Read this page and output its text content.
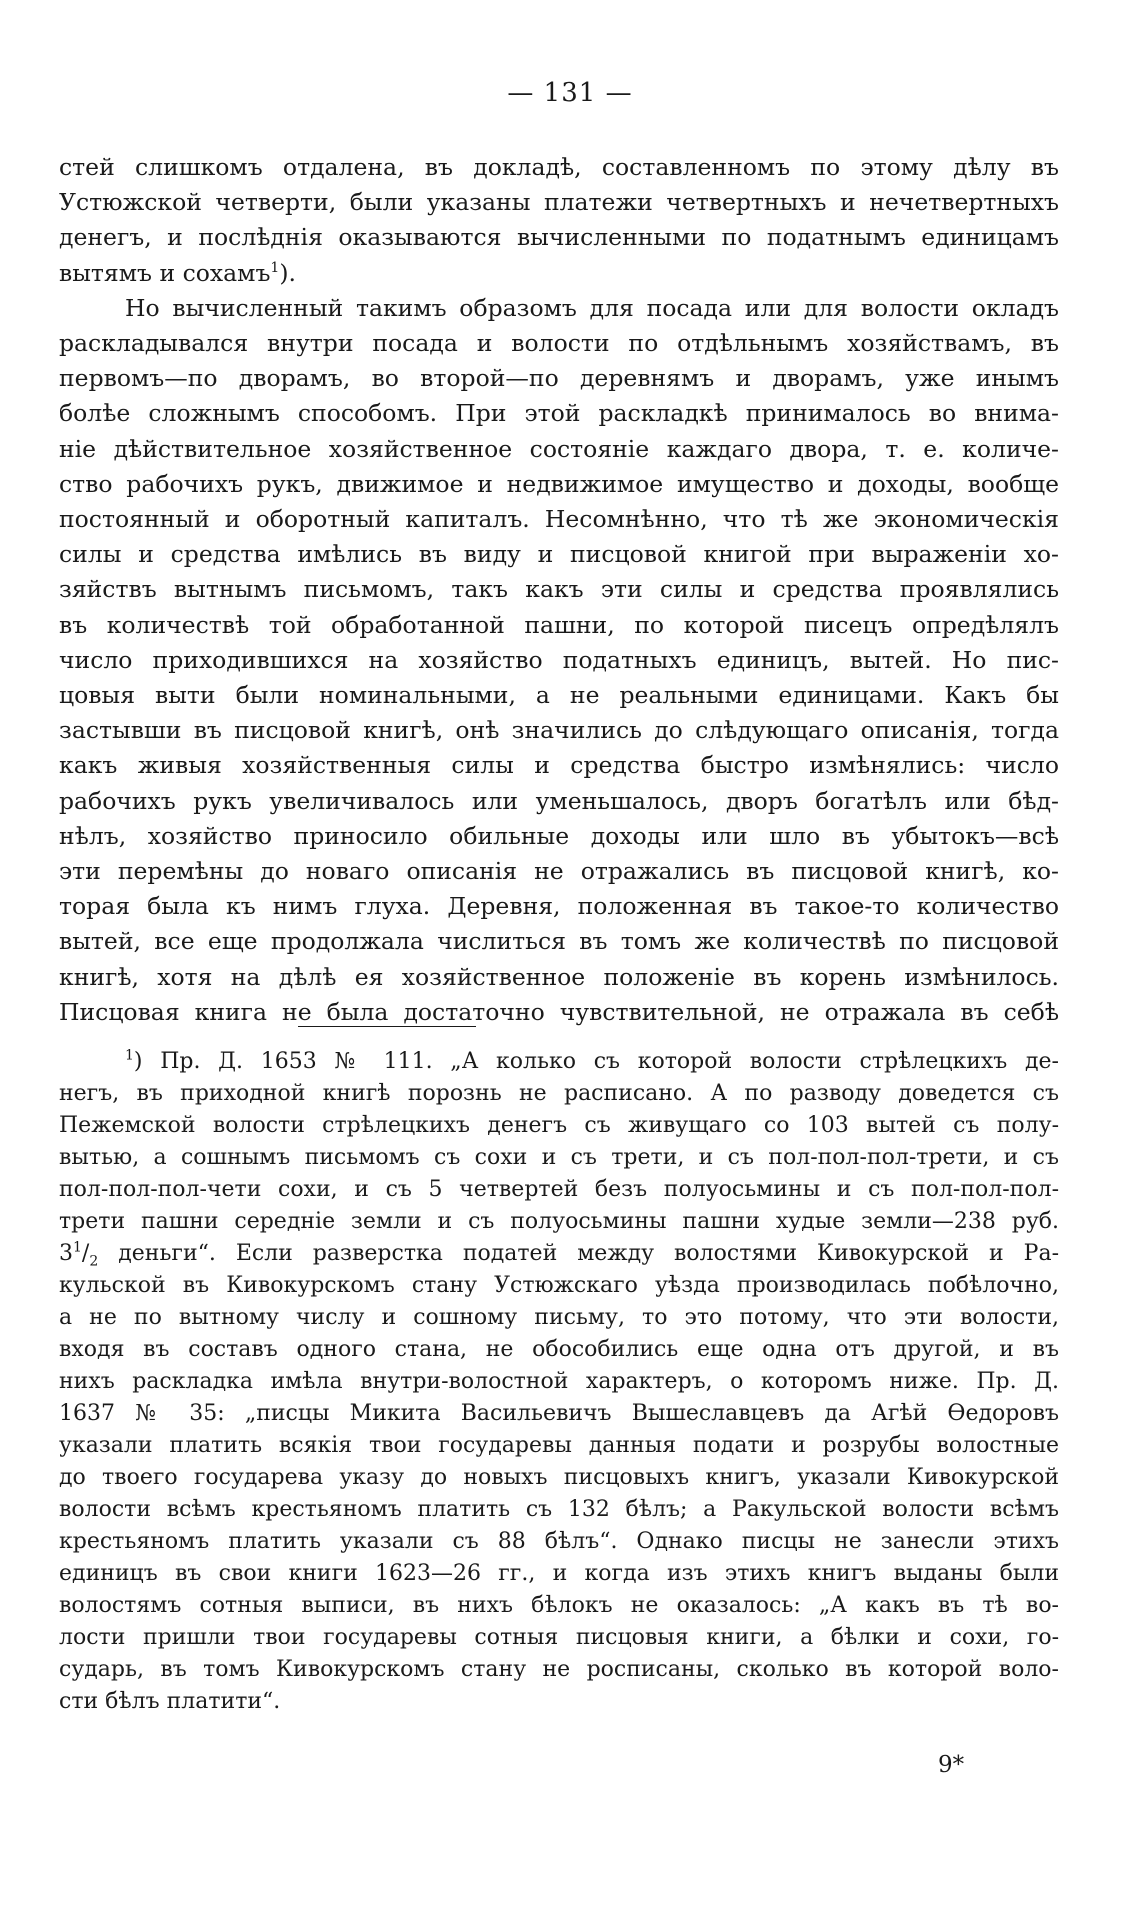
— 131 —
стей слишкомъ отдалена, въ докладѣ, составленномъ по этому дѣлу въ
Устюжской четверти, были указаны платежи четвертныхъ и нечетвертныхъ
денегъ, и послѣднія оказываются вычисленными по податнымъ единицамъ
вытямъ и сохамъ$^1$).
Но вычисленный такимъ образомъ для посада или для волости окладъ
раскладывался внутри посада и волости по отдѣльнымъ хозяйствамъ, въ
первомъ—по дворамъ, во второй—по деревнямъ и дворамъ, уже инымъ
болѣе сложнымъ способомъ. При этой раскладкѣ принималось во внима-
ніе дѣйствительное хозяйственное состояніе каждаго двора, т. е. количе-
ство рабочихъ рукъ, движимое и недвижимое имущество и доходы, вообще
постоянный и оборотный капиталъ. Несомнѣнно, что тѣ же экономическія
силы и средства имѣлись въ виду и писцовой книгой при выраженіи хо-
зяйствъ вытнымъ письмомъ, такъ какъ эти силы и средства проявлялись
въ количествѣ той обработанной пашни, по которой писецъ опредѣлялъ
число приходившихся на хозяйство податныхъ единицъ, вытей. Но пис-
цовыя выти были номинальными, а не реальными единицами. Какъ бы
застывши въ писцовой книгѣ, онѣ значились до слѣдующаго описанія, тогда
какъ живыя хозяйственныя силы и средства быстро измѣнялись: число
рабочихъ рукъ увеличивалось или уменьшалось, дворъ богатѣлъ или бѣд-
нѣлъ, хозяйство приносило обильные доходы или шло въ убытокъ—всѣ
эти перемѣны до новаго описанія не отражались въ писцовой книгѣ, ко-
торая была къ нимъ глуха. Деревня, положенная въ такое-то количество
вытей, все еще продолжала числиться въ томъ же количествѣ по писцовой
книгѣ, хотя на дѣлѣ ея хозяйственное положеніе въ корень измѣнилось.
Писцовая книга не была достаточно чувствительной, не отражала въ себѣ
$^1$) Пр. Д. 1653 № 111. „А колько съ которой волости стрѣлецкихъ де-
негъ, въ приходной книгѣ порознь не расписано. А по разводу доведется съ
Пежемской волости стрѣлецкихъ денегъ съ живущаго со 103 вытей съ полу-
вытью, а сошнымъ письмомъ съ сохи и съ трети, и съ пол-пол-пол-трети, и съ
пол-пол-пол-чети сохи, и съ 5 четвертей безъ полуосьмины и съ пол-пол-пол-
трети пашни середніе земли и съ полуосьмины пашни худые земли—238 руб.
$3^1/_2$ деньги“. Если разверстка податей между волостями Кивокурской и Ра-
кульской въ Кивокурскомъ стану Устюжскаго уѣзда производилась побѣлочно,
а не по вытному числу и сошному письму, то это потому, что эти волости,
входя въ составъ одного стана, не обособились еще одна отъ другой, и въ
нихъ раскладка имѣла внутри-волостной характеръ, о которомъ ниже. Пр. Д.
1637 № 35: „писцы Микита Васильевичъ Вышеславцевъ да Агѣй Өедоровъ
указали платить всякія твои государевы данныя подати и розрубы волостные
до твоего государева указу до новыхъ писцовыхъ книгъ, указали Кивокурской
волости всѣмъ крестьяномъ платить съ 132 бѣлъ; а Ракульской волости всѣмъ
крестьяномъ платить указали съ 88 бѣлъ“. Однако писцы не занесли этихъ
единицъ въ свои книги 1623—26 гг., и когда изъ этихъ книгъ выданы были
волостямъ сотныя выписи, въ нихъ бѣлокъ не оказалось: „А какъ въ тѣ во-
лости пришли твои государевы сотныя писцовыя книги, а бѣлки и сохи, го-
сударь, въ томъ Кивокурскомъ стану не росписаны, сколько въ которой воло-
сти бѣлъ платити“.
9*
